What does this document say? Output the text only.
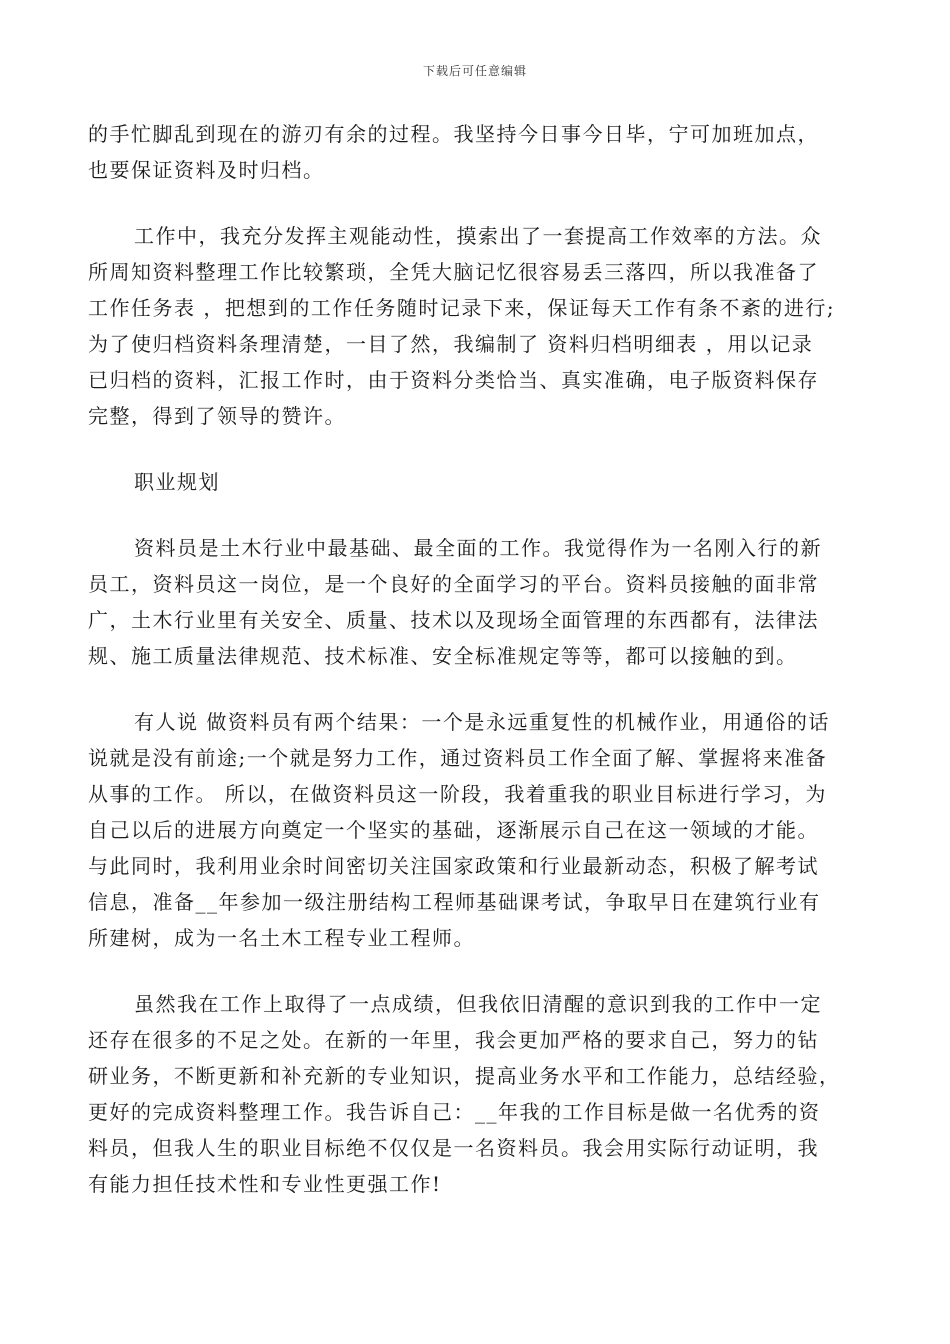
下载后可任意编辑
的手忙脚乱到现在的游刃有余的过程。我坚持今日事今日毕，宁可加班加点，
也要保证资料及时归档。
工作中，我充分发挥主观能动性，摸索出了一套提高工作效率的方法。众
所周知资料整理工作比较繁琐，全凭大脑记忆很容易丢三落四，所以我准备了
工作任务表 ，把想到的工作任务随时记录下来，保证每天工作有条不紊的进行;
为了使归档资料条理清楚，一目了然，我编制了 资料归档明细表 ，用以记录
已归档的资料，汇报工作时，由于资料分类恰当、真实准确，电子版资料保存
完整，得到了领导的赞许。
职业规划
资料员是土木行业中最基础、最全面的工作。我觉得作为一名刚入行的新
员工，资料员这一岗位，是一个良好的全面学习的平台。资料员接触的面非常
广，土木行业里有关安全、质量、技术以及现场全面管理的东西都有，法律法
规、施工质量法律规范、技术标准、安全标准规定等等，都可以接触的到。
有人说 做资料员有两个结果：一个是永远重复性的机械作业，用通俗的话
说就是没有前途;一个就是努力工作，通过资料员工作全面了解、掌握将来准备
从事的工作。 所以，在做资料员这一阶段，我着重我的职业目标进行学习，为
自己以后的进展方向奠定一个坚实的基础，逐渐展示自己在这一领域的才能。
与此同时，我利用业余时间密切关注国家政策和行业最新动态，积极了解考试
信息，准备__年参加一级注册结构工程师基础课考试，争取早日在建筑行业有
所建树，成为一名土木工程专业工程师。
虽然我在工作上取得了一点成绩，但我依旧清醒的意识到我的工作中一定
还存在很多的不足之处。在新的一年里，我会更加严格的要求自己，努力的钻
研业务，不断更新和补充新的专业知识，提高业务水平和工作能力，总结经验，
更好的完成资料整理工作。我告诉自己：__年我的工作目标是做一名优秀的资
料员，但我人生的职业目标绝不仅仅是一名资料员。我会用实际行动证明，我
有能力担任技术性和专业性更强工作!
